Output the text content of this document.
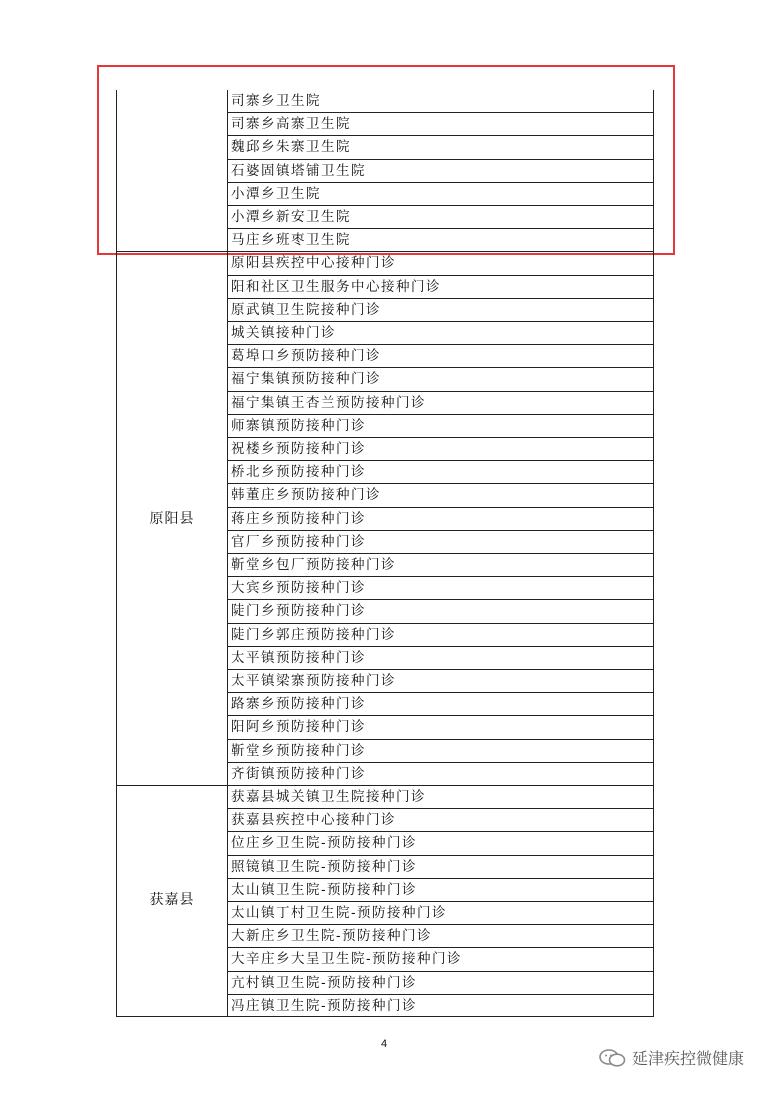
司寨乡卫生院
司寨乡高寨卫生院
魏邱乡朱寨卫生院
石婆固镇塔铺卫生院
小潭乡卫生院
小潭乡新安卫生院
马庄乡班枣卫生院
原阳县
原阳县疾控中心接种门诊
阳和社区卫生服务中心接种门诊
原武镇卫生院接种门诊
城关镇接种门诊
葛埠口乡预防接种门诊
福宁集镇预防接种门诊
福宁集镇王杏兰预防接种门诊
师寨镇预防接种门诊
祝楼乡预防接种门诊
桥北乡预防接种门诊
韩董庄乡预防接种门诊
蒋庄乡预防接种门诊
官厂乡预防接种门诊
靳堂乡包厂预防接种门诊
大宾乡预防接种门诊
陡门乡预防接种门诊
陡门乡郭庄预防接种门诊
太平镇预防接种门诊
太平镇梁寨预防接种门诊
路寨乡预防接种门诊
阳阿乡预防接种门诊
靳堂乡预防接种门诊
齐街镇预防接种门诊
获嘉县
获嘉县城关镇卫生院接种门诊
获嘉县疾控中心接种门诊
位庄乡卫生院-预防接种门诊
照镜镇卫生院-预防接种门诊
太山镇卫生院-预防接种门诊
太山镇丁村卫生院-预防接种门诊
大新庄乡卫生院-预防接种门诊
大辛庄乡大呈卫生院-预防接种门诊
亢村镇卫生院-预防接种门诊
冯庄镇卫生院-预防接种门诊
4
延津疾控微健康
